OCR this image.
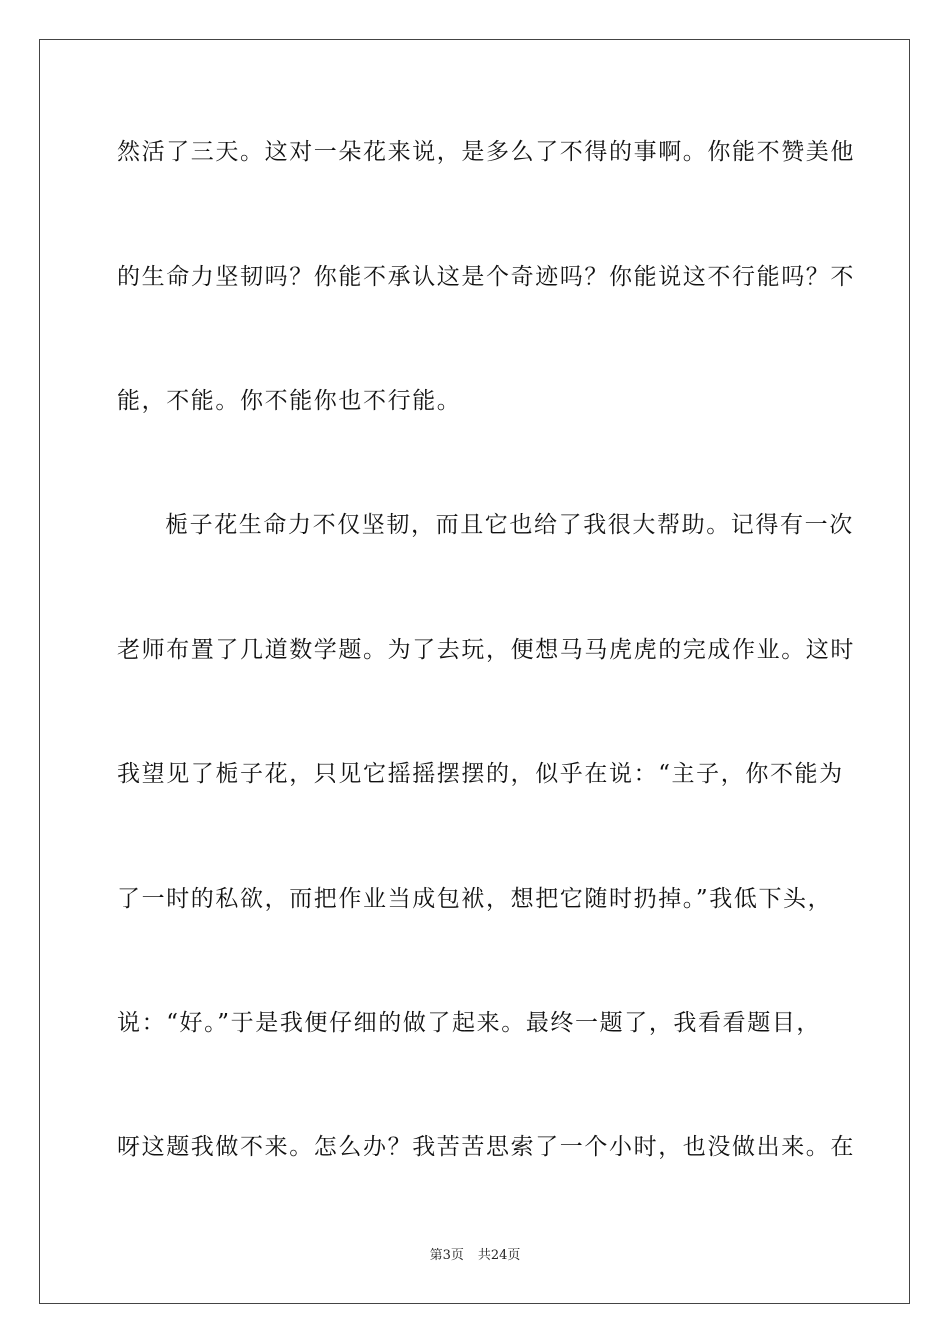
然活了三天。这对一朵花来说，是多么了不得的事啊。你能不赞美他
的生命力坚韧吗？你能不承认这是个奇迹吗？你能说这不行能吗？不
能，不能。你不能你也不行能。
栀子花生命力不仅坚韧，而且它也给了我很大帮助。记得有一次
老师布置了几道数学题。为了去玩，便想马马虎虎的完成作业。这时
我望见了栀子花，只见它摇摇摆摆的，似乎在说：“主子，你不能为
了一时的私欲，而把作业当成包袱，想把它随时扔掉。”我低下头，
说：“好。”于是我便仔细的做了起来。最终一题了，我看看题目，
呀这题我做不来。怎么办？我苦苦思索了一个小时，也没做出来。在
第3页 共24页
